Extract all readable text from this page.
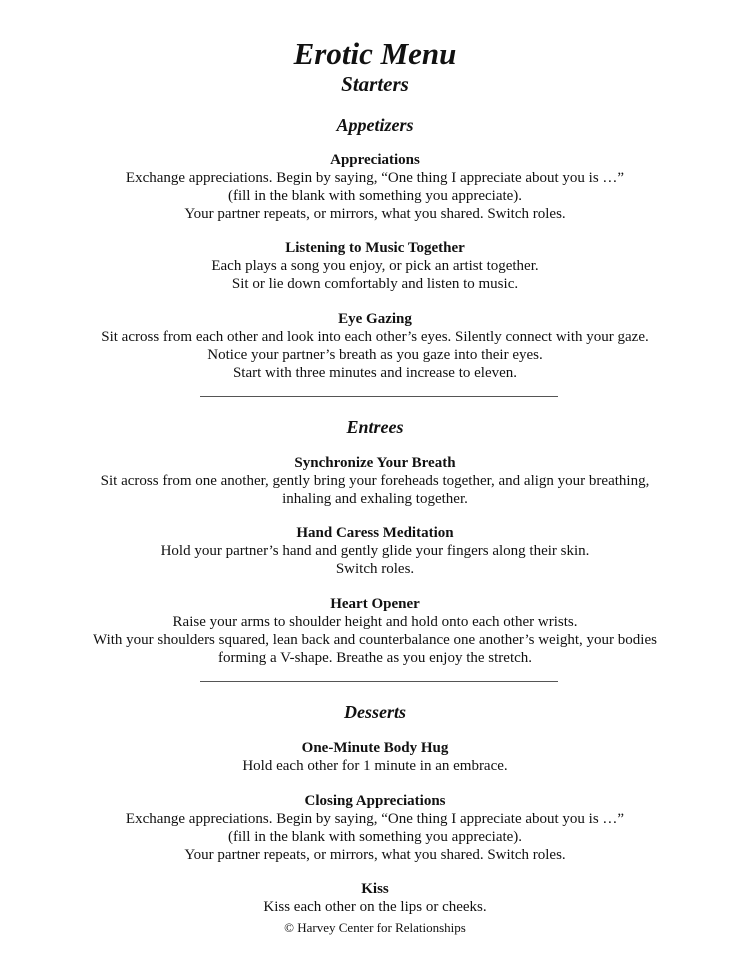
Erotic Menu
Starters
Appetizers
Appreciations
Exchange appreciations. Begin by saying, “One thing I appreciate about you is …”
(fill in the blank with something you appreciate).
Your partner repeats, or mirrors, what you shared. Switch roles.
Listening to Music Together
Each plays a song you enjoy, or pick an artist together.
Sit or lie down comfortably and listen to music.
Eye Gazing
Sit across from each other and look into each other’s eyes. Silently connect with your gaze.
Notice your partner’s breath as you gaze into their eyes.
Start with three minutes and increase to eleven.
Entrees
Synchronize Your Breath
Sit across from one another, gently bring your foreheads together, and align your breathing,
inhaling and exhaling together.
Hand Caress Meditation
Hold your partner’s hand and gently glide your fingers along their skin.
Switch roles.
Heart Opener
Raise your arms to shoulder height and hold onto each other wrists.
With your shoulders squared, lean back and counterbalance one another’s weight, your bodies
forming a V-shape. Breathe as you enjoy the stretch.
Desserts
One-Minute Body Hug
Hold each other for 1 minute in an embrace.
Closing Appreciations
Exchange appreciations. Begin by saying, “One thing I appreciate about you is …”
(fill in the blank with something you appreciate).
Your partner repeats, or mirrors, what you shared. Switch roles.
Kiss
Kiss each other on the lips or cheeks.
© Harvey Center for Relationships
